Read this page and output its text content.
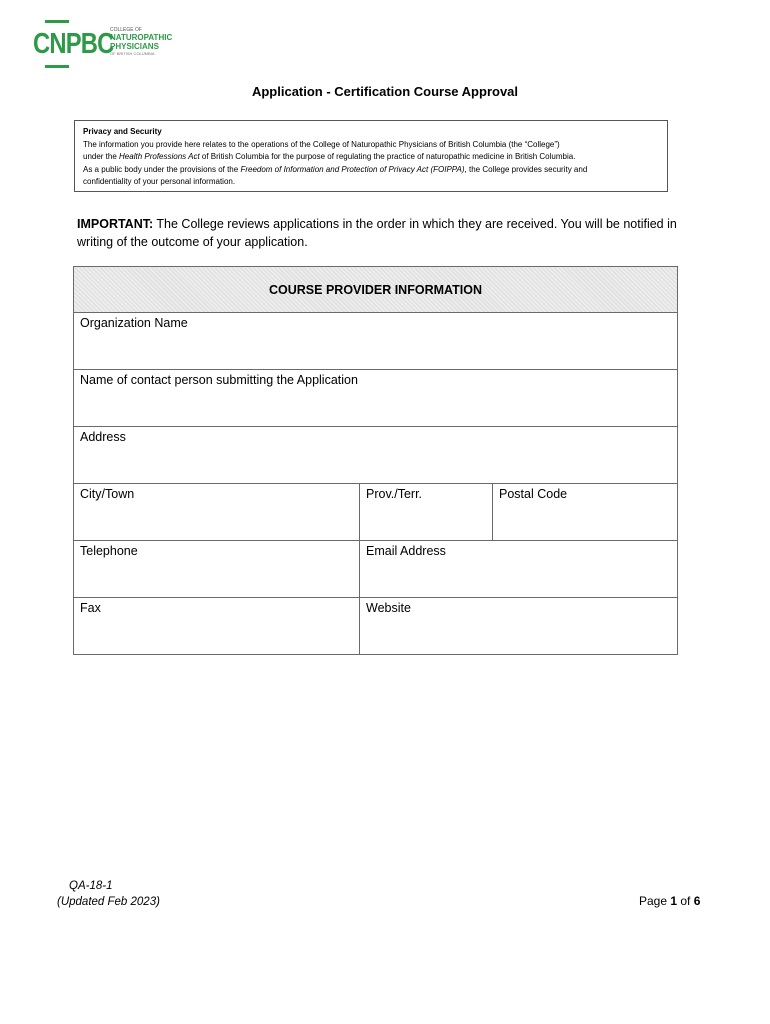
CNPBC
COLLEGE OF
NATUROPATHIC
PHYSICIANS
OF BRITISH COLUMBIA
Application - Certification Course Approval
Privacy and Security
The information you provide here relates to the operations of the College of Naturopathic Physicians of British Columbia (the “College”)
under the Health Professions Act of British Columbia for the purpose of regulating the practice of naturopathic medicine in British Columbia.
As a public body under the provisions of the Freedom of Information and Protection of Privacy Act (FOIPPA), the College provides security and
confidentiality of your personal information.
IMPORTANT: The College reviews applications in the order in which they are received. You will be notified in writing of the outcome of your application.
COURSE PROVIDER INFORMATION		
Organization Name		
Name of contact person submitting the Application		
Address		
City/Town	Prov./Terr.	Postal Code
Telephone	Email Address	
Fax	Website	
QA-18-1
(Updated Feb 2023)	Page 1 of 6
